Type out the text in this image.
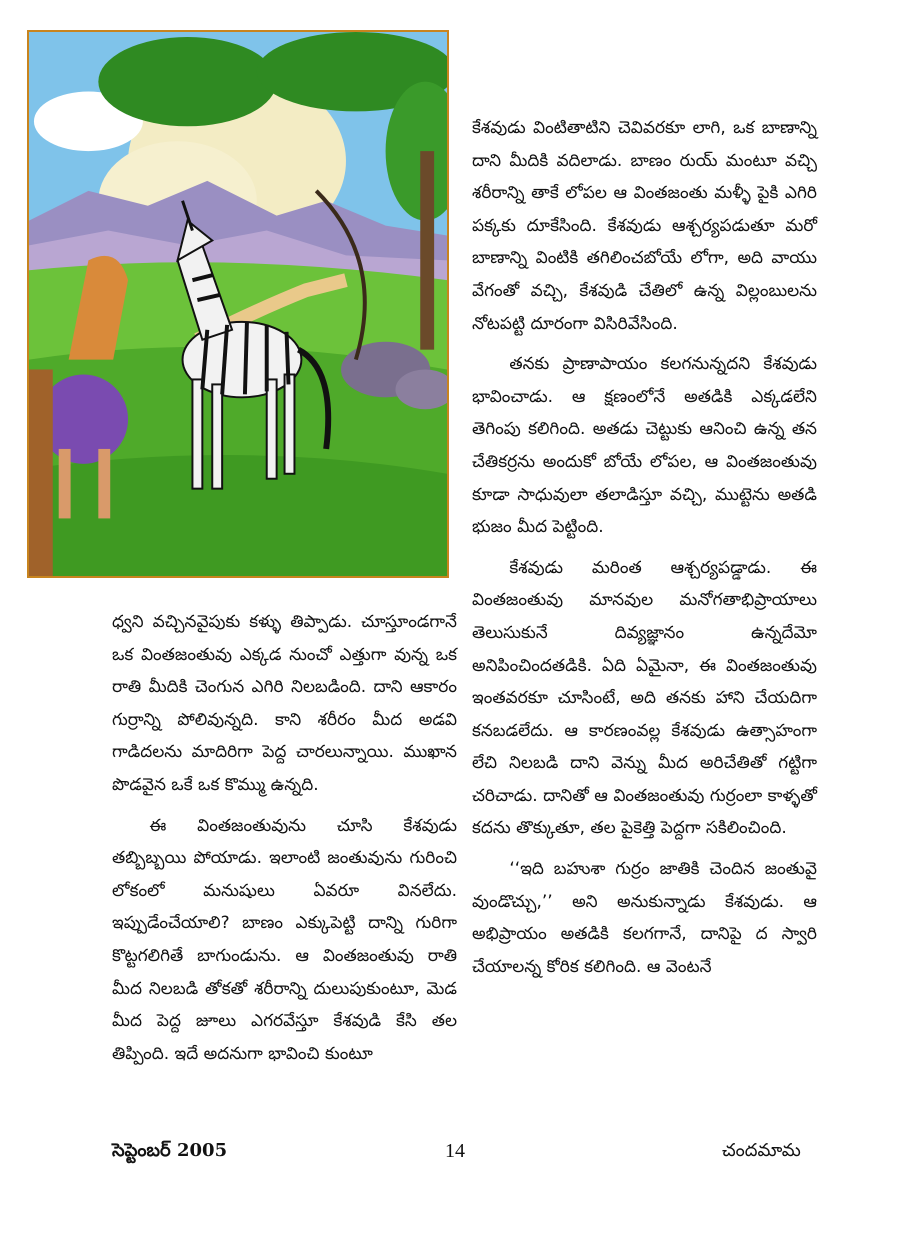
కేశవుడు వింటితాటిని చెవివరకూ లాగి, ఒక బాణాన్ని దాని మీదికి వదిలాడు. బాణం రుయ్ మంటూ వచ్చి శరీరాన్ని తాకే లోపల ఆ వింతజంతు మళ్ళీ పైకి ఎగిరి పక్కకు దూకేసింది. కేశవుడు ఆశ్చర్యపడుతూ మరో బాణాన్ని వింటికి తగిలించబోయే లోగా, అది వాయు వేగంతో వచ్చి, కేశవుడి చేతిలో ఉన్న విల్లంబులను నోటపట్టి దూరంగా విసిరివేసింది.

తనకు ప్రాణాపాయం కలగనున్నదని కేశవుడు భావించాడు. ఆ క్షణంలోనే అతడికి ఎక్కడలేని తెగింపు కలిగింది. అతడు చెట్టుకు ఆనించి ఉన్న తన చేతికర్రను అందుకో బోయే లోపల, ఆ వింతజంతువు కూడా సాధువులా తలాడిస్తూ వచ్చి, ముట్టెను అతడి భుజం మీద పెట్టింది.

కేశవుడు మరింత ఆశ్చర్యపడ్డాడు. ఈ వింతజంతువు మానవుల మనోగతాభిప్రాయాలు తెలుసుకునే దివ్యజ్ఞానం ఉన్నదేమో అనిపించిందతడికి. ఏది ఏమైనా, ఈ వింతజంతువు ఇంతవరకూ చూసింటే, అది తనకు హాని చేయదిగా కనబడలేదు. ఆ కారణంవల్ల కేశవుడు ఉత్సాహంగా లేచి నిలబడి దాని వెన్ను మీద అరిచేతితో గట్టిగా చరిచాడు. దానితో ఆ వింతజంతువు గుర్రంలా కాళ్ళతో కదను తొక్కుతూ, తల పైకెత్తి పెద్దగా సకిలించింది.

‘‘ఇది బహుశా గుర్రం జాతికి చెందిన జంతువై వుండొచ్చు,’’ అని అనుకున్నాడు కేశవుడు. ఆ అభిప్రాయం అతడికి కలగగానే, దానిపై ద స్వారి చేయాలన్న కోరిక కలిగింది. ఆ వెంటనే

ధ్వని వచ్చినవైపుకు కళ్ళు తిప్పాడు. చూస్తూండగానే ఒక వింతజంతువు ఎక్కడ నుంచో ఎత్తుగా వున్న ఒక రాతి మీదికి చెంగున ఎగిరి నిలబడింది. దాని ఆకారం గుర్రాన్ని పోలివున్నది. కాని శరీరం మీద అడవి గాడిదలను మాదిరిగా పెద్ద చారలున్నాయి. ముఖాన పొడవైన ఒకే ఒక కొమ్ము ఉన్నది.

ఈ వింతజంతువును చూసి కేశవుడు తబ్బిబ్బయి పోయాడు. ఇలాంటి జంతువును గురించి లోకంలో మనుషులు ఏవరూ వినలేదు. ఇప్పుడేంచేయాలి? బాణం ఎక్కుపెట్టి దాన్ని గురిగా కొట్టగలిగితే బాగుండును. ఆ వింతజంతువు రాతి మీద నిలబడి తోకతో శరీరాన్ని దులుపుకుంటూ, మెడ మీద పెద్ద జూలు ఎగరవేస్తూ కేశవుడి కేసి తల తిప్పింది. ఇదే అదనుగా భావించి కుంటూ

సెప్టెంబర్ 2005	14	చందమామ
